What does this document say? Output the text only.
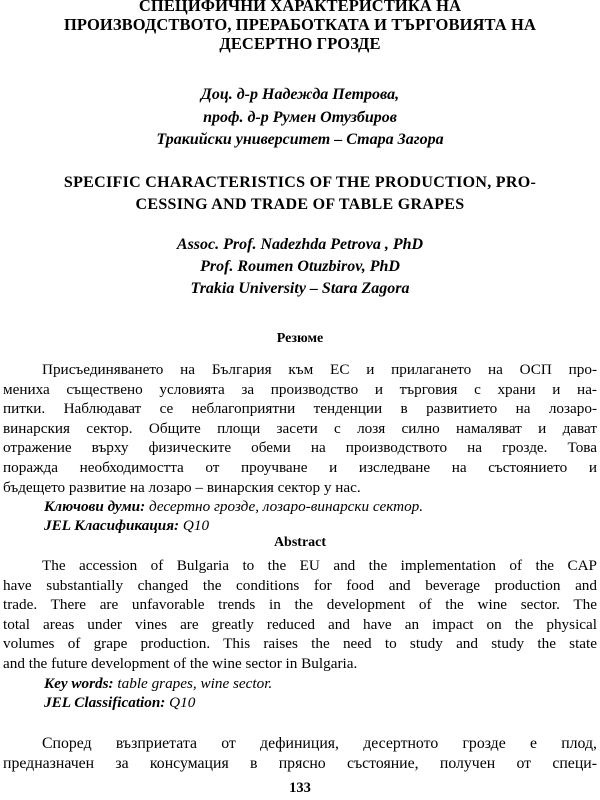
СПЕЦИФИЧНИ ХАРАКТЕРИСТИКА НА
ПРОИЗВОДСТВОТО, ПРЕРАБОТКАТА И ТЪРГОВИЯТА НА
ДЕСЕРТНО ГРОЗДЕ
Доц. д-р Надежда Петрова,
проф. д-р Румен Отузбиров
Тракийски университет – Стара Загора
SPECIFIC CHARACTERISTICS OF THE PRODUCTION, PRO-
CESSING AND TRADE OF TABLE GRAPES
Assoc. Prof. Nadezhda Petrova , PhD
Prof. Roumen Otuzbirov, PhD
Trakia University – Stara Zagora
Резюме
Присъединяването на България към ЕС и прилагането на ОСП про-
мениха съществено условията за производство и търговия с храни и на-
питки. Наблюдават се неблагоприятни тенденции в развитието на лозаро-
винарския сектор. Общите площи засети с лозя силно намаляват и дават
отражение върху физическите обеми на производството на грозде. Това
поражда необходимостта от проучване и изследване на състоянието и
бъдещето развитие на лозаро – винарския сектор у нас.
Ключови думи: десертно грозде, лозаро-винарски сектор.
JEL Класификация: Q10
Abstract
The accession of Bulgaria to the EU and the implementation of the CAP
have substantially changed the conditions for food and beverage production and
trade. There are unfavorable trends in the development of the wine sector. The
total areas under vines are greatly reduced and have an impact on the physical
volumes of grape production. This raises the need to study and study the state
and the future development of the wine sector in Bulgaria.
Key words: table grapes, wine sector.
JEL Classification: Q10
Според възприетата от дефиниция, десертното грозде е плод,
предназначен за консумация в прясно състояние, получен от специ-
133
